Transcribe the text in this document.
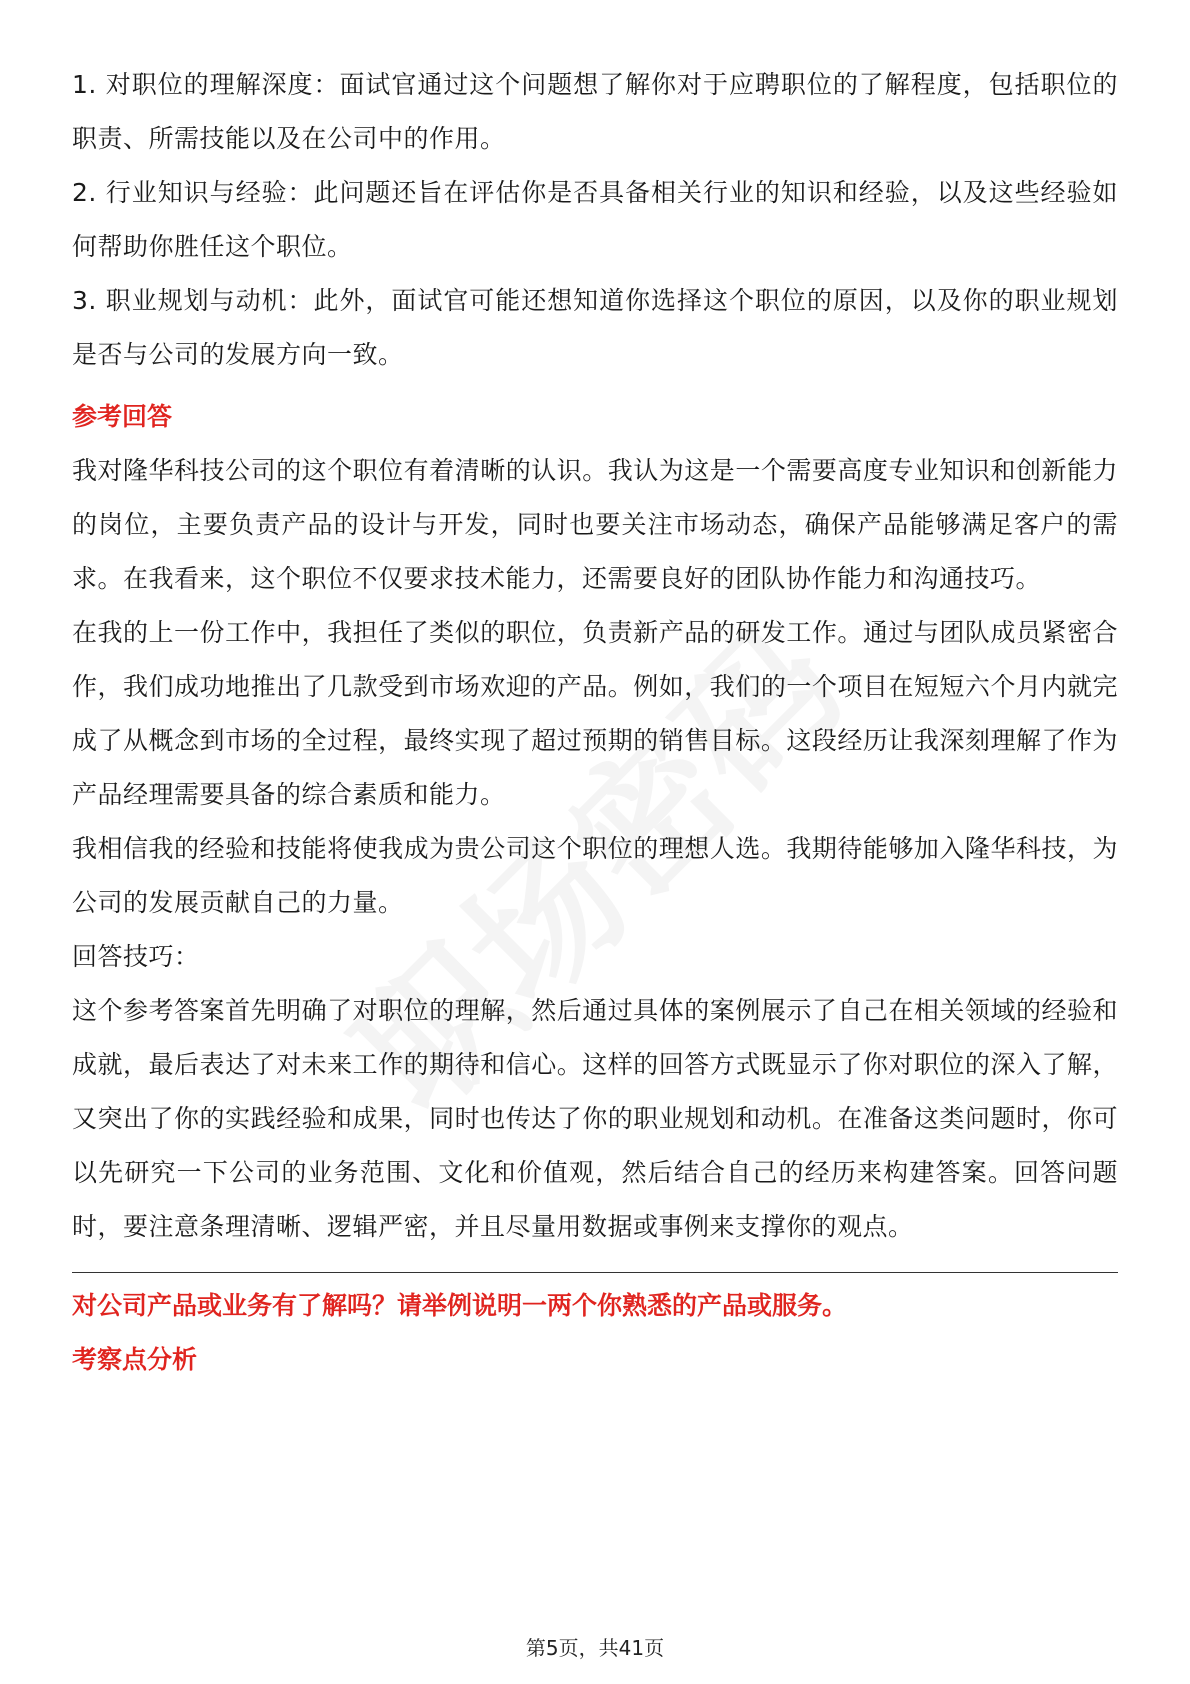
1. 对职位的理解深度：面试官通过这个问题想了解你对于应聘职位的了解程度，包括职位的职责、所需技能以及在公司中的作用。

2. 行业知识与经验：此问题还旨在评估你是否具备相关行业的知识和经验，以及这些经验如何帮助你胜任这个职位。

3. 职业规划与动机：此外，面试官可能还想知道你选择这个职位的原因，以及你的职业规划是否与公司的发展方向一致。

参考回答

我对隆华科技公司的这个职位有着清晰的认识。我认为这是一个需要高度专业知识和创新能力的岗位，主要负责产品的设计与开发，同时也要关注市场动态，确保产品能够满足客户的需求。在我看来，这个职位不仅要求技术能力，还需要良好的团队协作能力和沟通技巧。

在我的上一份工作中，我担任了类似的职位，负责新产品的研发工作。通过与团队成员紧密合作，我们成功地推出了几款受到市场欢迎的产品。例如，我们的一个项目在短短六个月内就完成了从概念到市场的全过程，最终实现了超过预期的销售目标。这段经历让我深刻理解了作为产品经理需要具备的综合素质和能力。

我相信我的经验和技能将使我成为贵公司这个职位的理想人选。我期待能够加入隆华科技，为公司的发展贡献自己的力量。

回答技巧：

这个参考答案首先明确了对职位的理解，然后通过具体的案例展示了自己在相关领域的经验和成就，最后表达了对未来工作的期待和信心。这样的回答方式既显示了你对职位的深入了解，又突出了你的实践经验和成果，同时也传达了你的职业规划和动机。在准备这类问题时，你可以先研究一下公司的业务范围、文化和价值观，然后结合自己的经历来构建答案。回答问题时，要注意条理清晰、逻辑严密，并且尽量用数据或事例来支撑你的观点。

对公司产品或业务有了解吗？请举例说明一两个你熟悉的产品或服务。

考察点分析

第5页，共41页
